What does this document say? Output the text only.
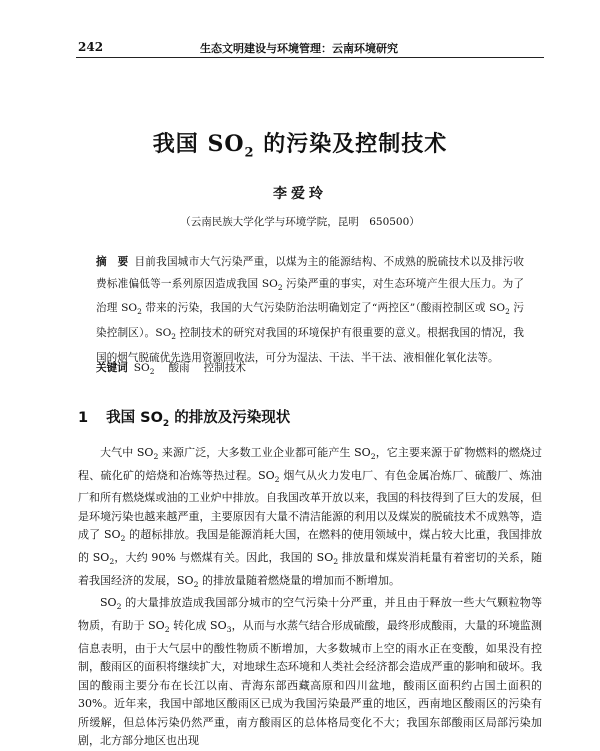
242	生态文明建设与环境管理：云南环境研究
我国 $SO_2$ 的污染及控制技术
李爱玲
（云南民族大学化学与环境学院，昆明　650500）
摘　要 目前我国城市大气污染严重，以煤为主的能源结构、不成熟的脱硫技术以及排污收费标准偏低等一系列原因造成我国 $SO_2$ 污染严重的事实，对生态环境产生很大压力。为了治理 $SO_2$ 带来的污染，我国的大气污染防治法明确划定了“两控区”（酸雨控制区或 $SO_2$ 污染控制区）。$SO_2$ 控制技术的研究对我国的环境保护有很重要的意义。根据我国的情况，我国的烟气脱硫优先选用资源回收法，可分为湿法、干法、半干法、液相催化氧化法等。
关键词 $SO_2$ 酸雨 控制技术
1 我国 $SO_2$ 的排放及污染现状

大气中 $SO_2$ 来源广泛，大多数工业企业都可能产生 $SO_2$，它主要来源于矿物燃料的燃烧过程、硫化矿的焙烧和冶炼等热过程。$SO_2$ 烟气从火力发电厂、有色金属冶炼厂、硫酸厂、炼油厂和所有燃烧煤或油的工业炉中排放。自我国改革开放以来，我国的科技得到了巨大的发展，但是环境污染也越来越严重，主要原因有大量不清洁能源的利用以及煤炭的脱硫技术不成熟等，造成了 $SO_2$ 的超标排放。我国是能源消耗大国，在燃料的使用领域中，煤占较大比重，我国排放的 $SO_2$，大约 90% 与燃煤有关。因此，我国的 $SO_2$ 排放量和煤炭消耗量有着密切的关系，随着我国经济的发展，$SO_2$ 的排放量随着燃烧量的增加而不断增加。

$SO_2$ 的大量排放造成我国部分城市的空气污染十分严重，并且由于释放一些大气颗粒物等物质，有助于 $SO_2$ 转化成 $SO_3$，从而与水蒸气结合形成硫酸，最终形成酸雨，大量的环境监测信息表明，由于大气层中的酸性物质不断增加，大多数城市上空的雨水正在变酸，如果没有控制，酸雨区的面积将继续扩大，对地球生态环境和人类社会经济都会造成严重的影响和破坏。我国的酸雨主要分布在长江以南、青海东部西藏高原和四川盆地，酸雨区面积约占国土面积的 30%。近年来，我国中部地区酸雨区已成为我国污染最严重的地区，西南地区酸雨区的污染有所缓解，但总体污染仍然严重，南方酸雨区的总体格局变化不大；我国东部酸雨区局部污染加剧，北方部分地区也出现
